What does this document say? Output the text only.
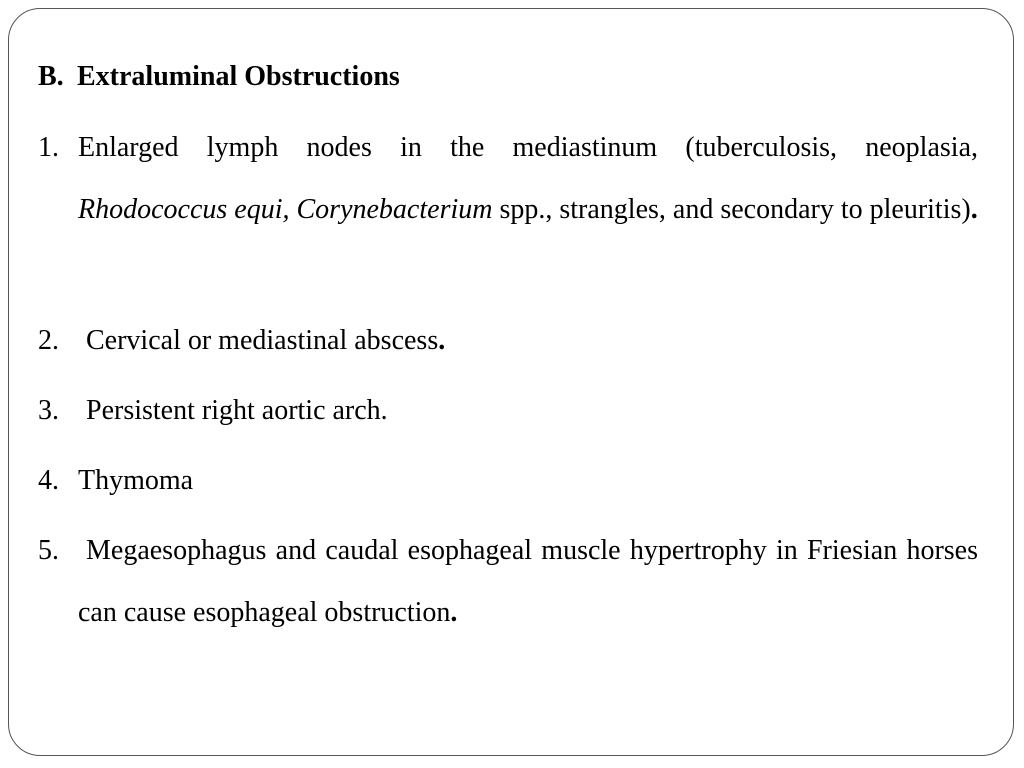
B. Extraluminal Obstructions
1. Enlarged lymph nodes in the mediastinum (tuberculosis, neoplasia, Rhodococcus equi, Corynebacterium spp., strangles, and secondary to pleuritis).
2. Cervical or mediastinal abscess.
3. Persistent right aortic arch.
4. Thymoma
5. Megaesophagus and caudal esophageal muscle hypertrophy in Friesian horses can cause esophageal obstruction.
